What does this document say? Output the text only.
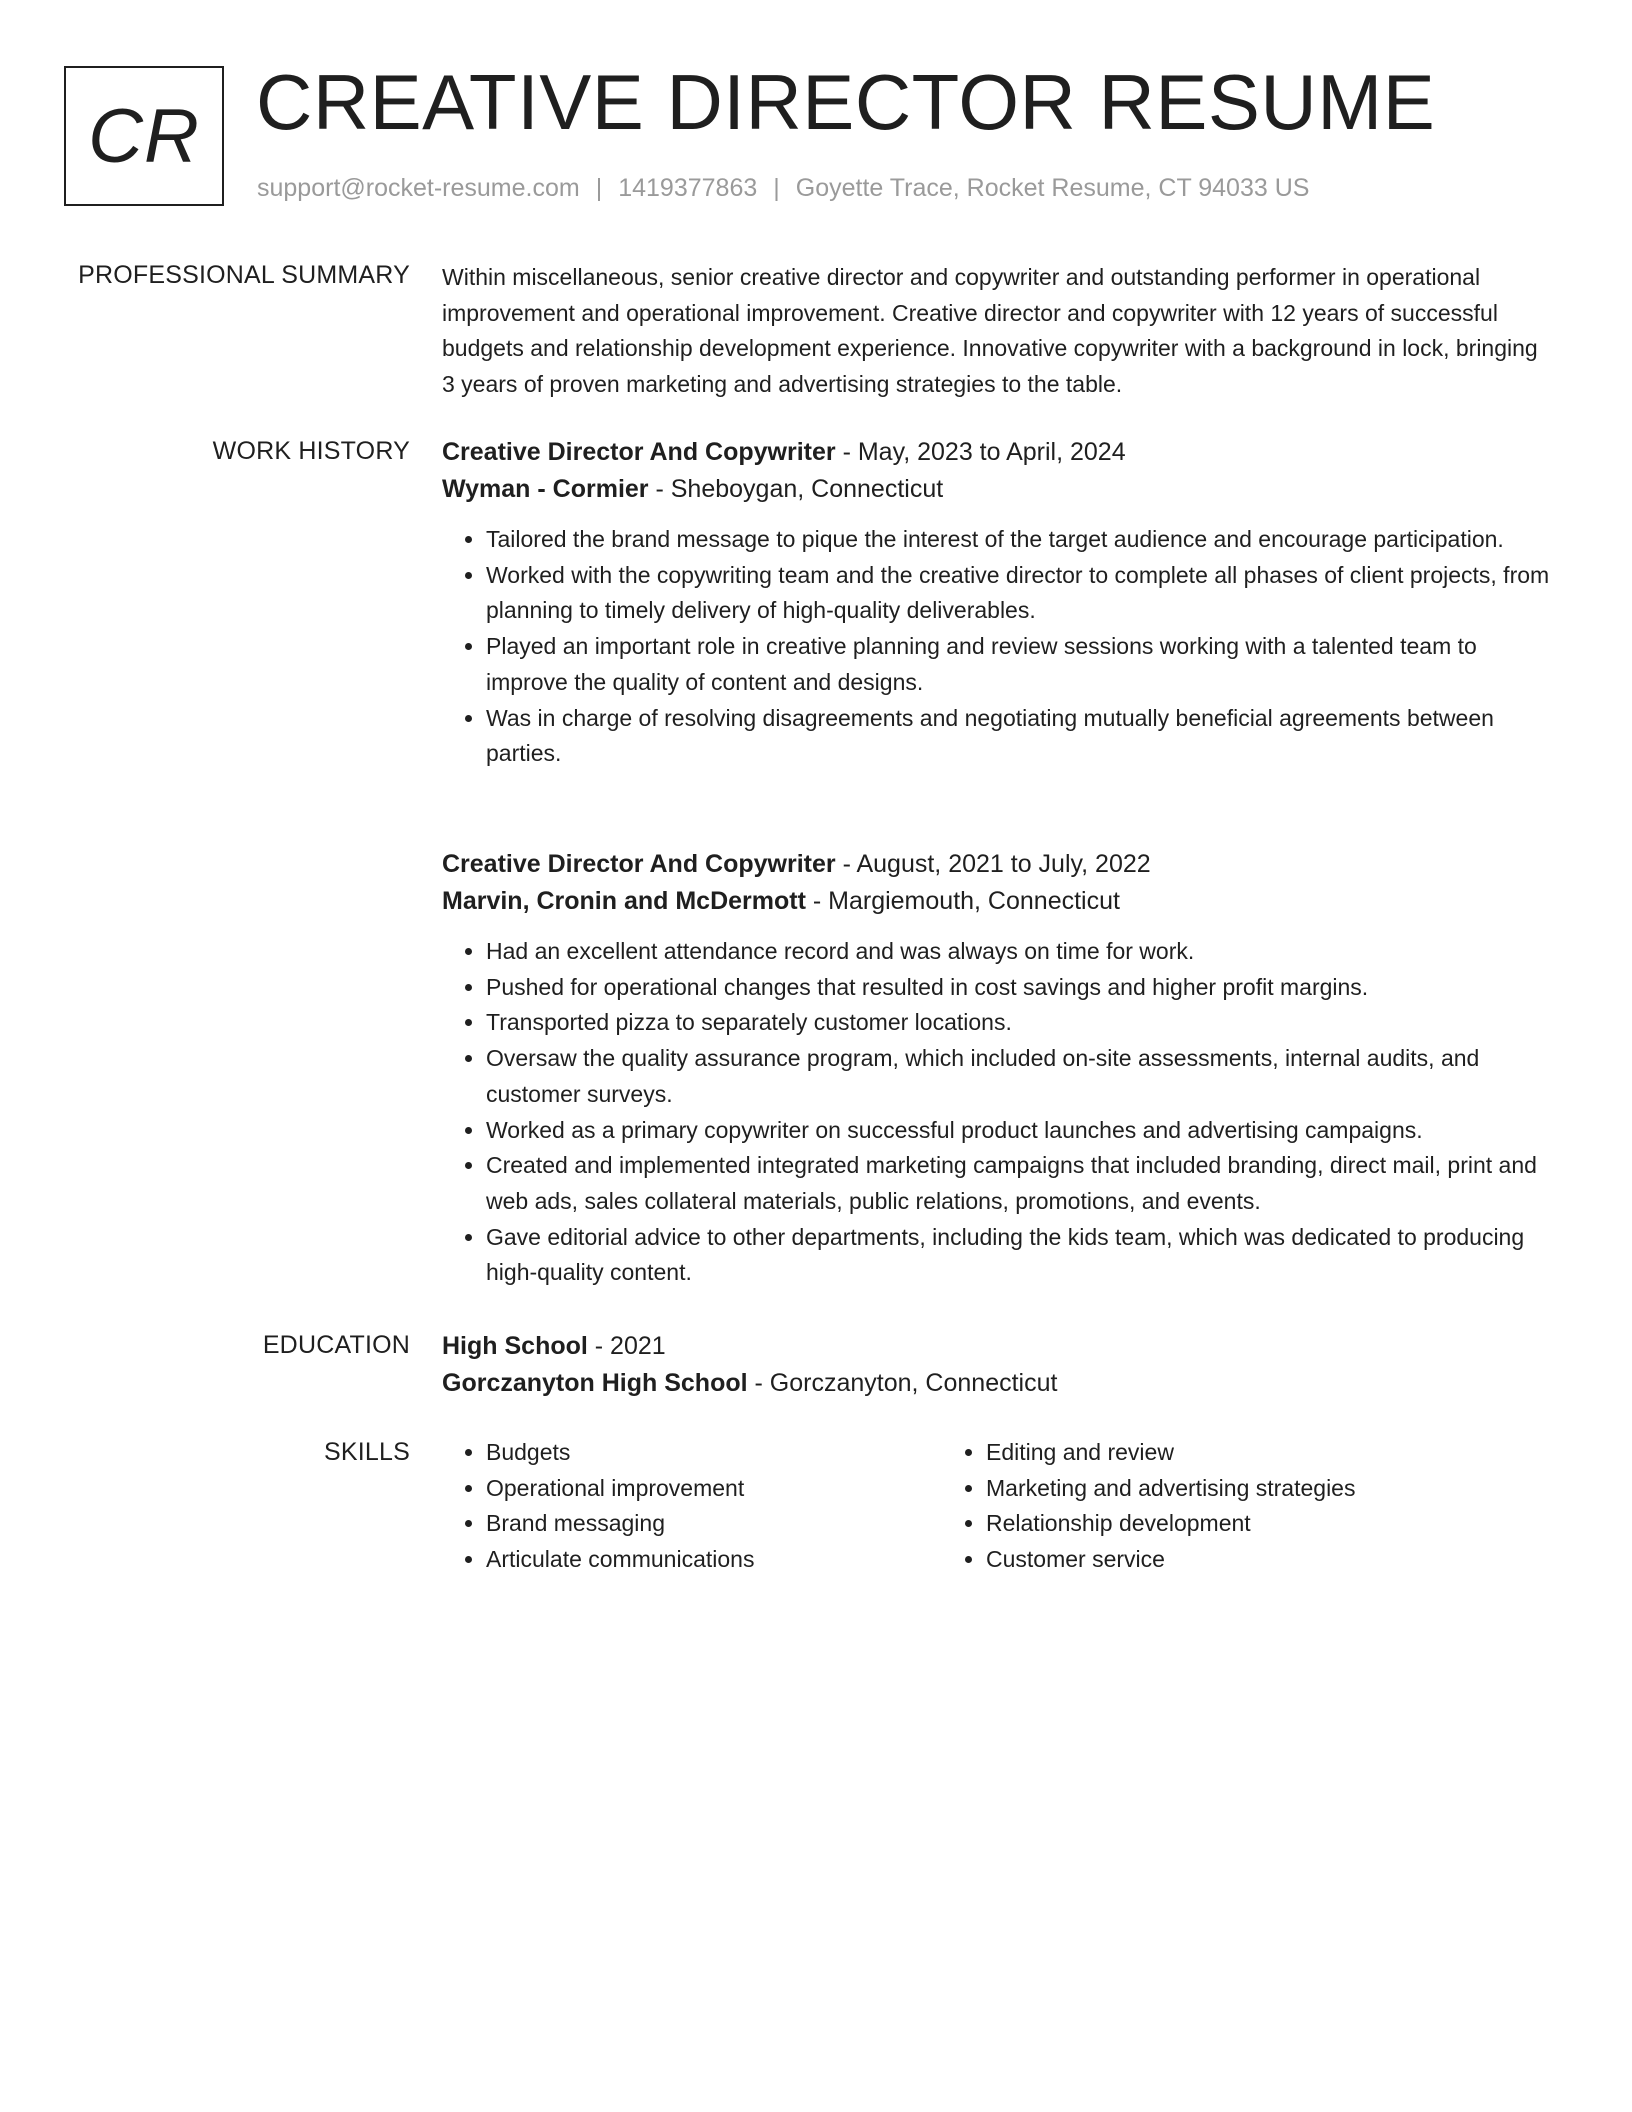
CR CREATIVE DIRECTOR RESUME
support@rocket-resume.com | 1419377863 | Goyette Trace, Rocket Resume, CT 94033 US
PROFESSIONAL SUMMARY Within miscellaneous, senior creative director and copywriter and outstanding performer in operational improvement and operational improvement. Creative director and copywriter with 12 years of successful budgets and relationship development experience. Innovative copywriter with a background in lock, bringing 3 years of proven marketing and advertising strategies to the table.

WORK HISTORY Creative Director And Copywriter - May, 2023 to April, 2024
Wyman - Cormier - Sheboygan, Connecticut
• Tailored the brand message to pique the interest of the target audience and encourage participation.
• Worked with the copywriting team and the creative director to complete all phases of client projects, from planning to timely delivery of high-quality deliverables.
• Played an important role in creative planning and review sessions working with a talented team to improve the quality of content and designs.
• Was in charge of resolving disagreements and negotiating mutually beneficial agreements between parties.
Creative Director And Copywriter - August, 2021 to July, 2022
Marvin, Cronin and McDermott - Margiemouth, Connecticut
• Had an excellent attendance record and was always on time for work.
• Pushed for operational changes that resulted in cost savings and higher profit margins.
• Transported pizza to separately customer locations.
• Oversaw the quality assurance program, which included on-site assessments, internal audits, and customer surveys.
• Worked as a primary copywriter on successful product launches and advertising campaigns.
• Created and implemented integrated marketing campaigns that included branding, direct mail, print and web ads, sales collateral materials, public relations, promotions, and events.
• Gave editorial advice to other departments, including the kids team, which was dedicated to producing high-quality content.
EDUCATION High School - 2021
Gorczanyton High School - Gorczanyton, Connecticut
SKILLS
•	Budgets
• Operational improvement
• Brand messaging
• Articulate communications
• Editing and review
• Marketing and advertising strategies
• Relationship development
• Customer service
